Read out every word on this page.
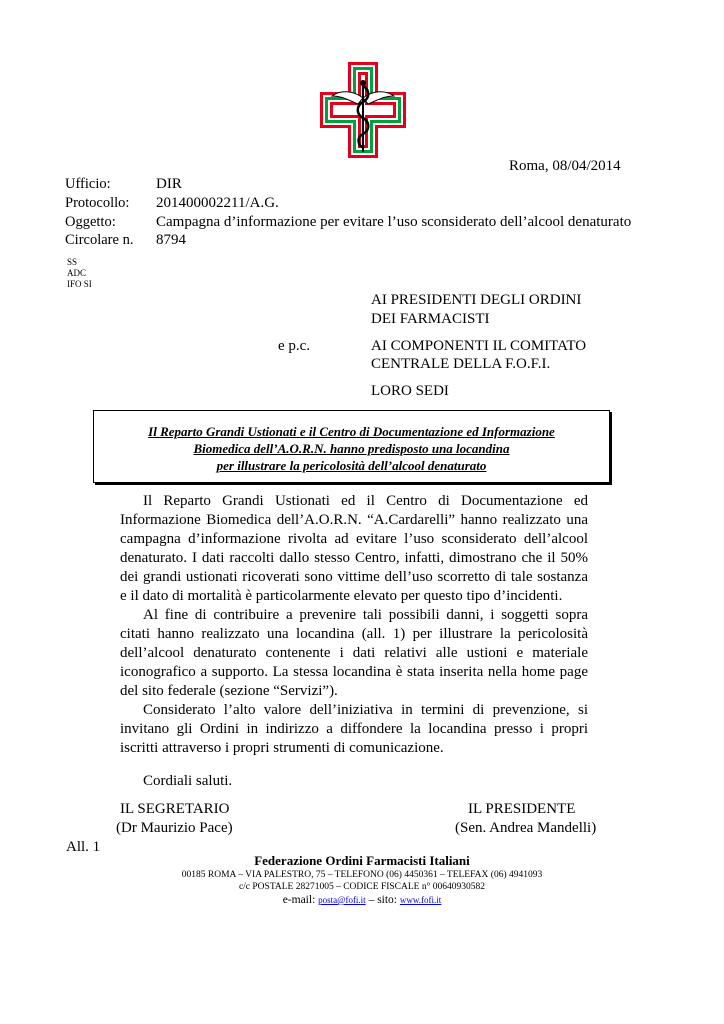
Roma, 08/04/2014
Ufficio:	DIR
Protocollo:	201400002211/A.G.
Oggetto:	Campagna d’informazione per evitare l’uso sconsiderato dell’alcool denaturato
Circolare n.	8794
SS
ADC
IFO SI
AI PRESIDENTI DEGLI ORDINI
DEI FARMACISTI
e p.c.	AI COMPONENTI IL COMITATO
CENTRALE DELLA F.O.F.I.
LORO SEDI
Il Reparto Grandi Ustionati e il Centro di Documentazione ed Informazione
Biomedica dell’A.O.R.N. hanno predisposto una locandina
per illustrare la pericolosità dell’alcool denaturato

Il Reparto Grandi Ustionati ed il Centro di Documentazione ed Informazione Biomedica dell’A.O.R.N. “A.Cardarelli” hanno realizzato una campagna d’informazione rivolta ad evitare l’uso sconsiderato dell’alcool denaturato. I dati raccolti dallo stesso Centro, infatti, dimostrano che il 50% dei grandi ustionati ricoverati sono vittime dell’uso scorretto di tale sostanza e il dato di mortalità è particolarmente elevato per questo tipo d’incidenti.

Al fine di contribuire a prevenire tali possibili danni, i soggetti sopra citati hanno realizzato una locandina (all. 1) per illustrare la pericolosità dell’alcool denaturato contenente i dati relativi alle ustioni e materiale iconografico a supporto. La stessa locandina è stata inserita nella home page del sito federale (sezione “Servizi”).

Considerato l’alto valore dell’iniziativa in termini di prevenzione, si invitano gli Ordini in indirizzo a diffondere la locandina presso i propri iscritti attraverso i propri strumenti di comunicazione.

Cordiali saluti.
IL SEGRETARIO
(Dr Maurizio Pace)
IL PRESIDENTE
(Sen. Andrea Mandelli)
All. 1
Federazione Ordini Farmacisti Italiani
00185 ROMA – VIA PALESTRO, 75 – TELEFONO (06) 4450361 – TELEFAX (06) 4941093
c/c POSTALE 28271005 – CODICE FISCALE n° 00640930582
e-mail: posta@fofi.it – sito: www.fofi.it
